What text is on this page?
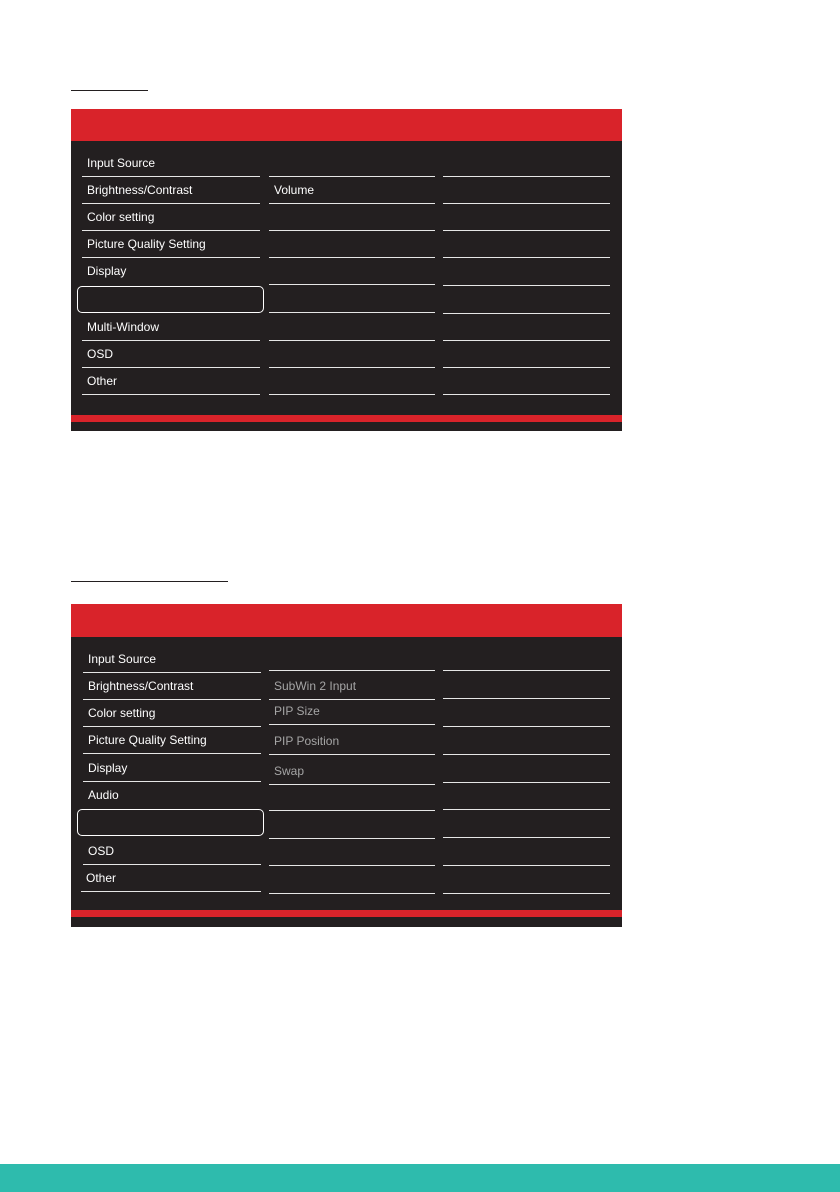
Input Source
Brightness/Contrast
Color setting
Picture Quality Setting
Display
Multi-Window
OSD
Other
Volume
Input Source
Brightness/Contrast
Color setting
Picture Quality Setting
Display
Audio
OSD
Other
SubWin 2 Input
PIP Size
PIP Position
Swap
